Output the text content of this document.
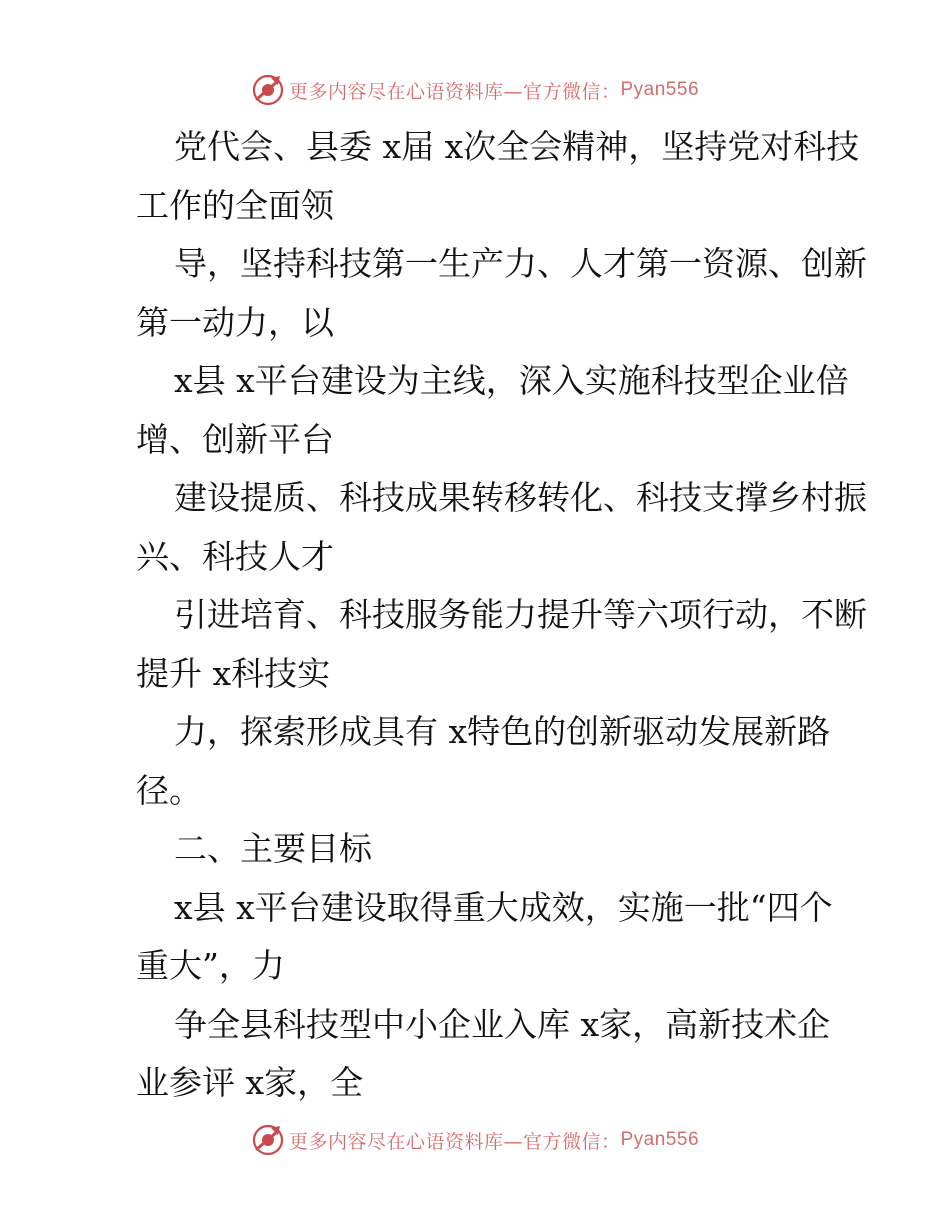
更多内容尽在心语资料库—官方微信： Pyan556
党代会、县委 x届 x次全会精神，坚持党对科技
工作的全面领
导，坚持科技第一生产力、人才第一资源、创新
第一动力，以
x县 x平台建设为主线，深入实施科技型企业倍
增、创新平台
建设提质、科技成果转移转化、科技支撑乡村振
兴、科技人才
引进培育、科技服务能力提升等六项行动，不断
提升 x科技实
力，探索形成具有 x特色的创新驱动发展新路
径。
二、主要目标
x县 x平台建设取得重大成效，实施一批“四个
重大”，力
争全县科技型中小企业入库 x家，高新技术企
业参评 x家，全
更多内容尽在心语资料库—官方微信： Pyan556
